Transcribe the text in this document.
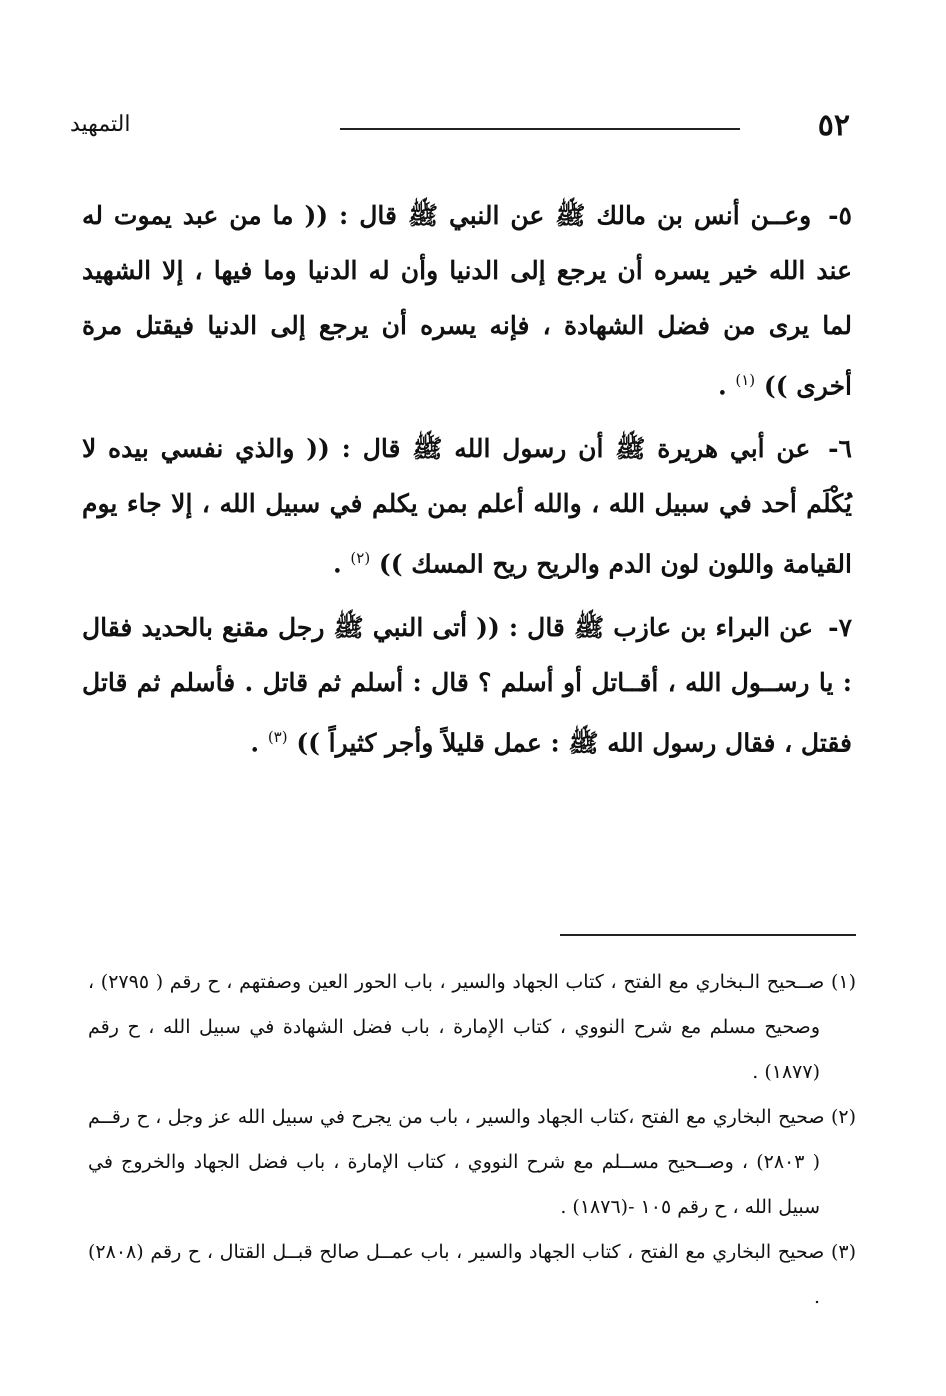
٥٢
التمهيد

٥- وعــن أنس بن مالك ﷺ عن النبي ﷺ قال : (( ما من عبد يموت له عند الله خير يسره أن يرجع إلى الدنيا وأن له الدنيا وما فيها ، إلا الشهيد لما يرى من فضل الشهادة ، فإنه يسره أن يرجع إلى الدنيا فيقتل مرة أخرى )) $^{(١)}$ .

٦- عن أبي هريرة ﷺ أن رسول الله ﷺ قال : (( والذي نفسي بيده لا يُكْلَم أحد في سبيل الله ، والله أعلم بمن يكلم في سبيل الله ، إلا جاء يوم القيامة واللون لون الدم والريح ريح المسك )) $^{(٢)}$ .

٧- عن البراء بن عازب ﷺ قال : (( أتى النبي ﷺ رجل مقنع بالحديد فقال : يا رســول الله ، أقــاتل أو أسلم ؟ قال : أسلم ثم قاتل . فأسلم ثم قاتل فقتل ، فقال رسول الله ﷺ : عمل قليلاً وأجر كثيراً )) $^{(٣)}$ .

(١) صــحيح الـبخاري مع الفتح ، كتاب الجهاد والسير ، باب الحور العين وصفتهم ، ح رقم ( ٢٧٩٥) ، وصحيح مسلم مع شرح النووي ، كتاب الإمارة ، باب فضل الشهادة في سبيل الله ، ح رقم (١٨٧٧) .

(٢) صحيح البخاري مع الفتح ،كتاب الجهاد والسير ، باب من يجرح في سبيل الله عز وجل ، ح رقــم ( ٢٨٠٣) ، وصــحيح مســلم مع شرح النووي ، كتاب الإمارة ، باب فضل الجهاد والخروج في سبيل الله ، ح رقم ١٠٥ -(١٨٧٦) .

(٣) صحيح البخاري مع الفتح ، كتاب الجهاد والسير ، باب عمــل صالح قبــل القتال ، ح رقم (٢٨٠٨) .
